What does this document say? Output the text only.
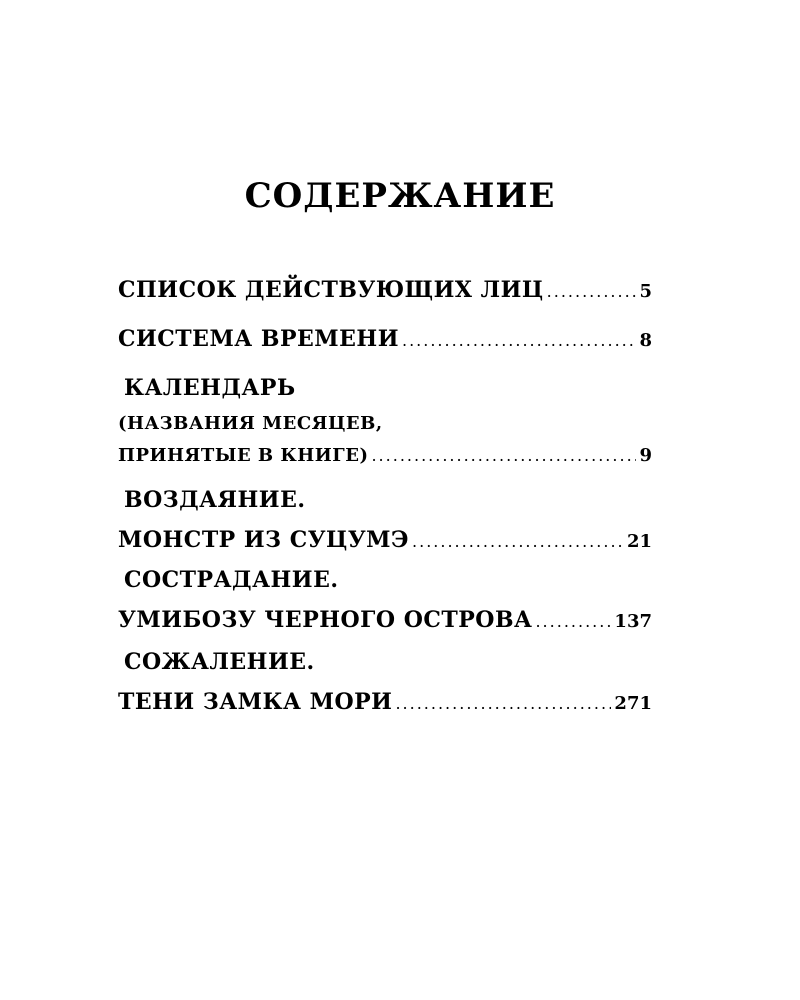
СОДЕРЖАНИЕ
СПИСОК ДЕЙСТВУЮЩИХ ЛИЦ .....	5
СИСТЕМА ВРЕМЕНИ .....	8
КАЛЕНДАРЬ
(НАЗВАНИЯ МЕСЯЦЕВ,
ПРИНЯТЫЕ В КНИГЕ) .....	9
ВОЗДАЯНИЕ.
МОНСТР ИЗ СУЦУМЭ .....	21
СОСТРАДАНИЕ.
УМИБОЗУ ЧЕРНОГО ОСТРОВА .....	137
СОЖАЛЕНИЕ.
ТЕНИ ЗАМКА МОРИ .....	271
